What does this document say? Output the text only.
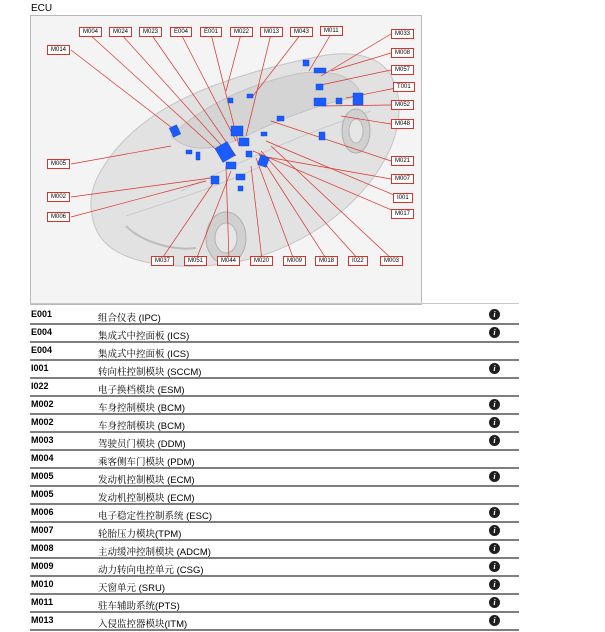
ECU
M004	M024	M023	E004	E001	M022	M013	M043	M011
M014
M033
M008
M057
T001
M052
M048
M005	M021
M007
M002	I001
M006	M017
M037	M051	M044	M020	M009	M018	I022	M003
E001	组合仪表 (IPC)	i
E004	集成式中控面板 (ICS)	i
E004	集成式中控面板 (ICS)
I001	转向柱控制模块 (SCCM)	i
I022	电子换档模块 (ESM)
M002	车身控制模块 (BCM)	i
M002	车身控制模块 (BCM)	i
M003	驾驶员门模块 (DDM)	i
M004	乘客侧车门模块 (PDM)
M005	发动机控制模块 (ECM)	i
M005	发动机控制模块 (ECM)
M006	电子稳定性控制系统 (ESC)	i
M007	轮胎压力模块(TPM)	i
M008	主动缓冲控制模块 (ADCM)	i
M009	动力转向电控单元 (CSG)	i
M010	天窗单元 (SRU)	i
M011	驻车辅助系统(PTS)	i
M013	入侵监控器模块(ITM)	i
